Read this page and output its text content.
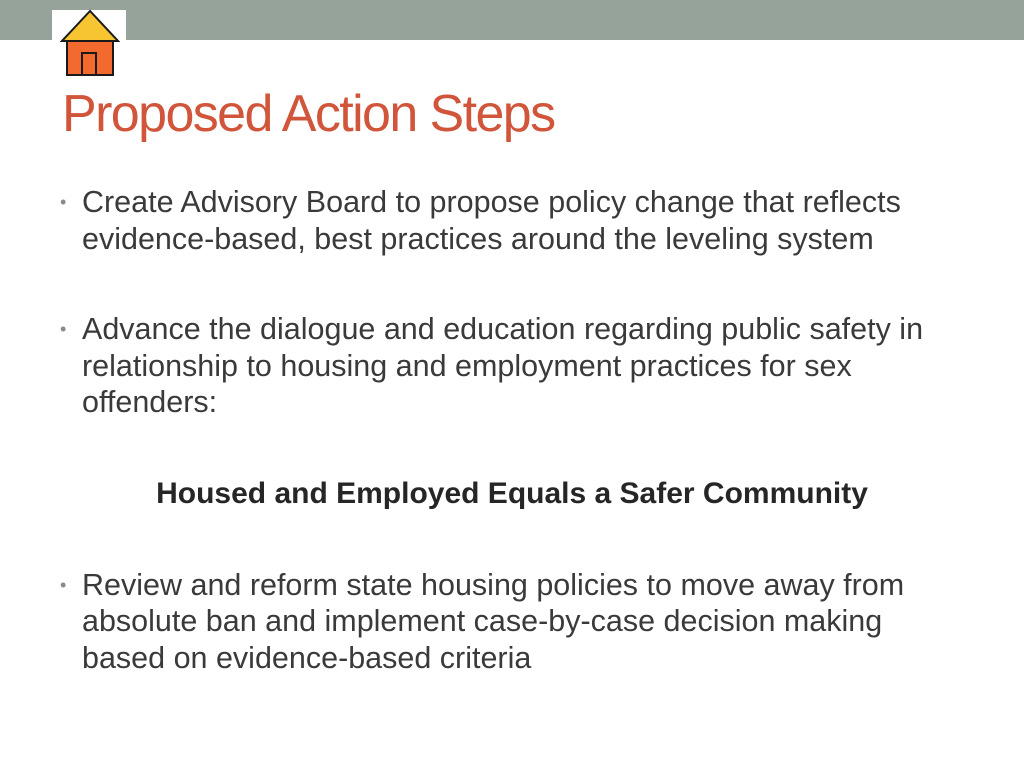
Proposed Action Steps
• Create Advisory Board to propose policy change that reflects evidence-based, best practices around the leveling system
• Advance the dialogue and education regarding public safety in relationship to housing and employment practices for sex offenders:
Housed and Employed Equals a Safer Community
• Review and reform state housing policies to move away from absolute ban and implement case-by-case decision making based on evidence-based criteria
